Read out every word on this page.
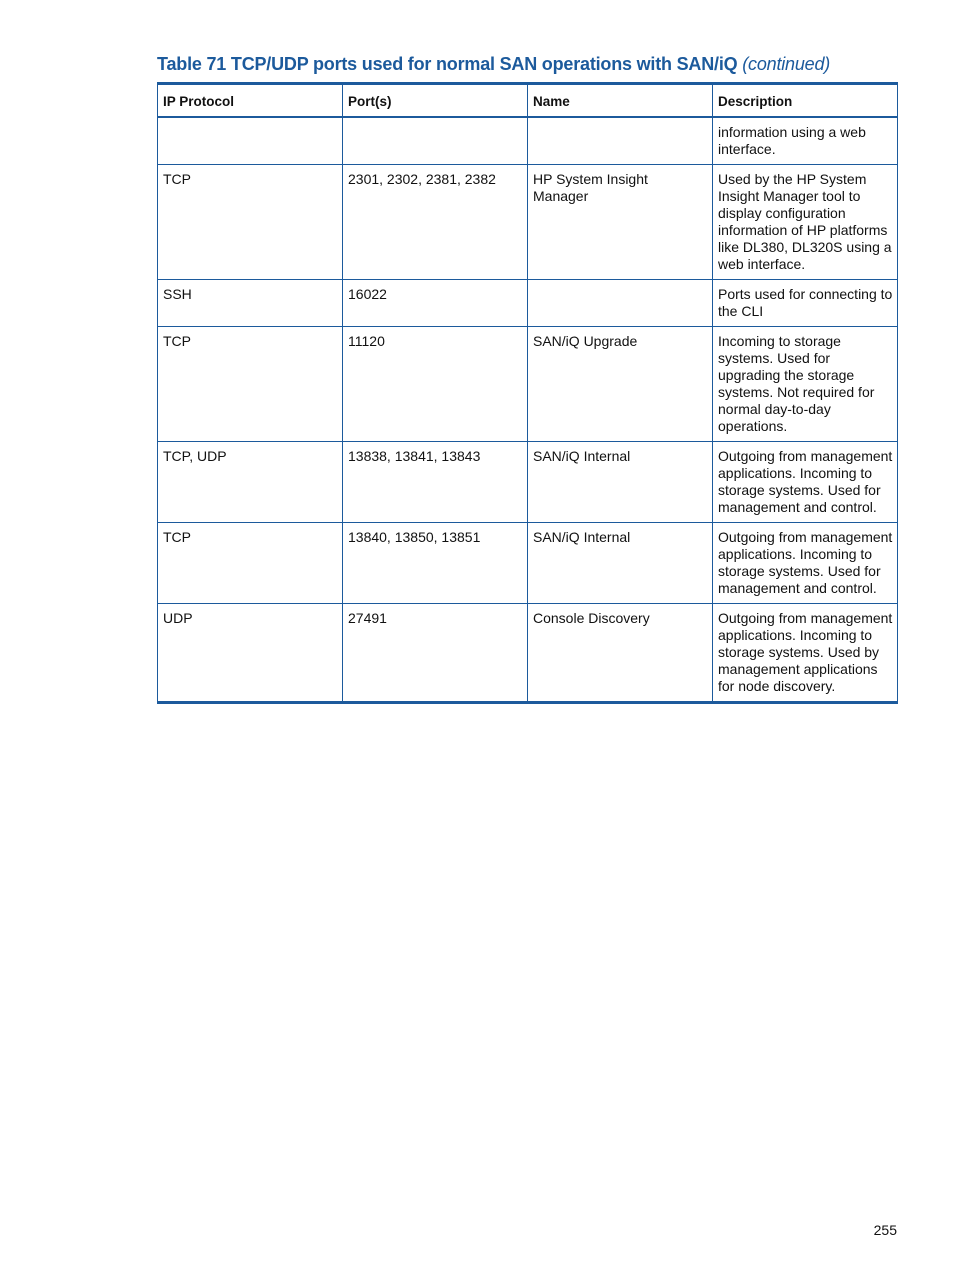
Table 71 TCP/UDP ports used for normal SAN operations with SAN/iQ (continued)
IP Protocol	Port(s)	Name	Description
			information using a web interface.
TCP	2301, 2302, 2381, 2382	HP System Insight Manager	Used by the HP System Insight Manager tool to display configuration information of HP platforms like DL380, DL320S using a web interface.
SSH	16022		Ports used for connecting to the CLI
TCP	11120	SAN/iQ Upgrade	Incoming to storage systems. Used for upgrading the storage systems. Not required for normal day-to-day operations.
TCP, UDP	13838, 13841, 13843	SAN/iQ Internal	Outgoing from management applications. Incoming to storage systems. Used for management and control.
TCP	13840, 13850, 13851	SAN/iQ Internal	Outgoing from management applications. Incoming to storage systems. Used for management and control.
UDP	27491	Console Discovery	Outgoing from management applications. Incoming to storage systems. Used by management applications for node discovery.
255
